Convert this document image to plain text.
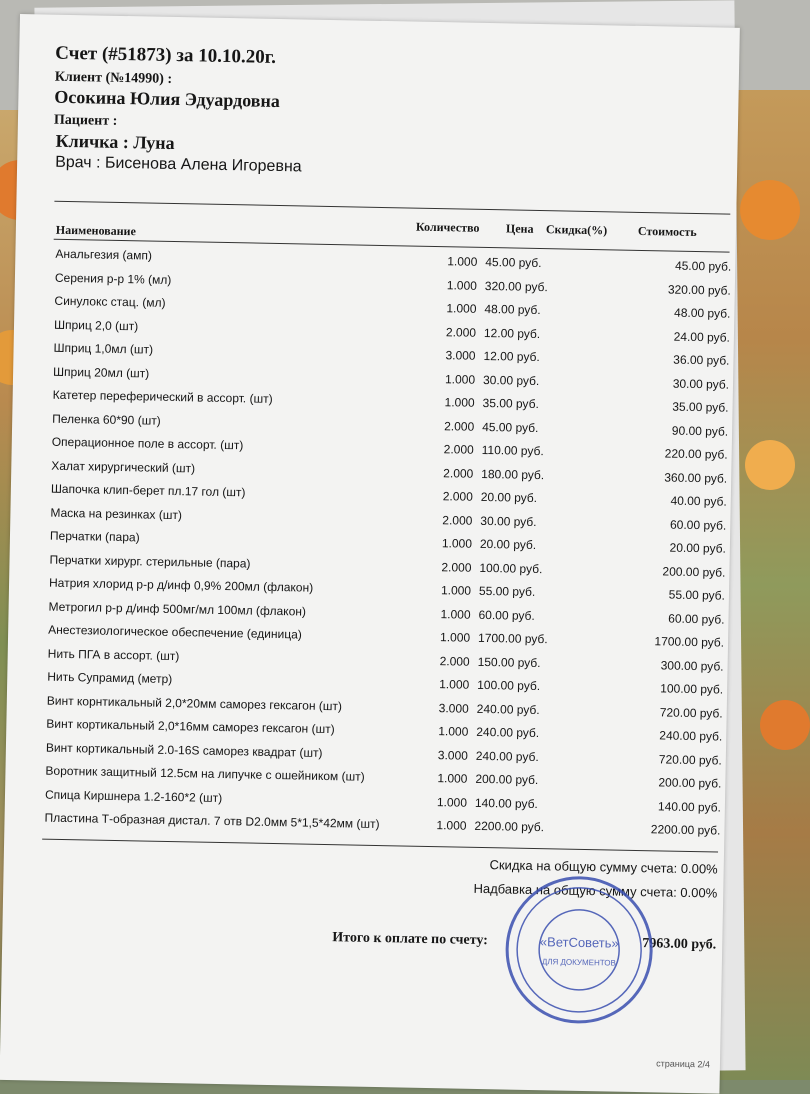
Счет (#51873) за 10.10.20г.
Клиент (№14990) :
Осокина Юлия Эдуардовна
Пациент :
Кличка : Луна
Врач : Бисенова Алена Игоревна
Наименование	Количество Цена Скидка(%)	Стоимость
Анальгезия (амп)	1.000 45.00 руб.	45.00 руб.
Серения р-р 1% (мл)	1.000 320.00 руб.	320.00 руб.
Синулокс стац. (мл)	1.000 48.00 руб.	48.00 руб.
Шприц 2,0 (шт)	2.000 12.00 руб.	24.00 руб.
Шприц 1,0мл (шт)	3.000 12.00 руб.	36.00 руб.
Шприц 20мл (шт)	1.000 30.00 руб.	30.00 руб.
Катетер переферический в ассорт. (шт)	1.000 35.00 руб.	35.00 руб.
Пеленка 60*90 (шт)	2.000 45.00 руб.	90.00 руб.
Операционное поле в ассорт. (шт)	2.000 110.00 руб.	220.00 руб.
Халат хирургический (шт)	2.000 180.00 руб.	360.00 руб.
Шапочка клип-берет пл.17 гол (шт)	2.000 20.00 руб.	40.00 руб.
Маска на резинках (шт)	2.000 30.00 руб.	60.00 руб.
Перчатки (пара)	1.000 20.00 руб.	20.00 руб.
Перчатки хирург. стерильные (пара)	2.000 100.00 руб.	200.00 руб.
Натрия хлорид р-р д/инф 0,9% 200мл (флакон)	1.000 55.00 руб.	55.00 руб.
Метрогил р-р д/инф 500мг/мл 100мл (флакон)	1.000 60.00 руб.	60.00 руб.
Анестезиологическое обеспечение (единица)	1.000 1700.00 руб.	1700.00 руб.
Нить ПГА в ассорт. (шт)	2.000 150.00 руб.	300.00 руб.
Нить Супрамид (метр)	1.000 100.00 руб.	100.00 руб.
Винт корнтикальный 2,0*20мм саморез гексагон (шт)	3.000 240.00 руб.	720.00 руб.
Винт кортикальный 2,0*16мм саморез гексагон (шт)	1.000 240.00 руб.	240.00 руб.
Винт кортикальный 2.0-16S саморез квадрат (шт)	3.000 240.00 руб.	720.00 руб.
Воротник защитный 12.5см на липучке с ошейником (шт)	1.000 200.00 руб.	200.00 руб.
Спица Киршнера 1.2-160*2 (шт)	1.000 140.00 руб.	140.00 руб.
Пластина Т-образная дистал. 7 отв D2.0мм 5*1,5*42мм (шт)	1.000 2200.00 руб.	2200.00 руб.
Скидка на общую сумму счета: 0.00%
Надбавка на общую сумму счета: 0.00%
Итого к оплате по счету:	7963.00 руб.
«ВетСоветь»
ДЛЯ ДОКУМЕНТОВ
страница 2/4
